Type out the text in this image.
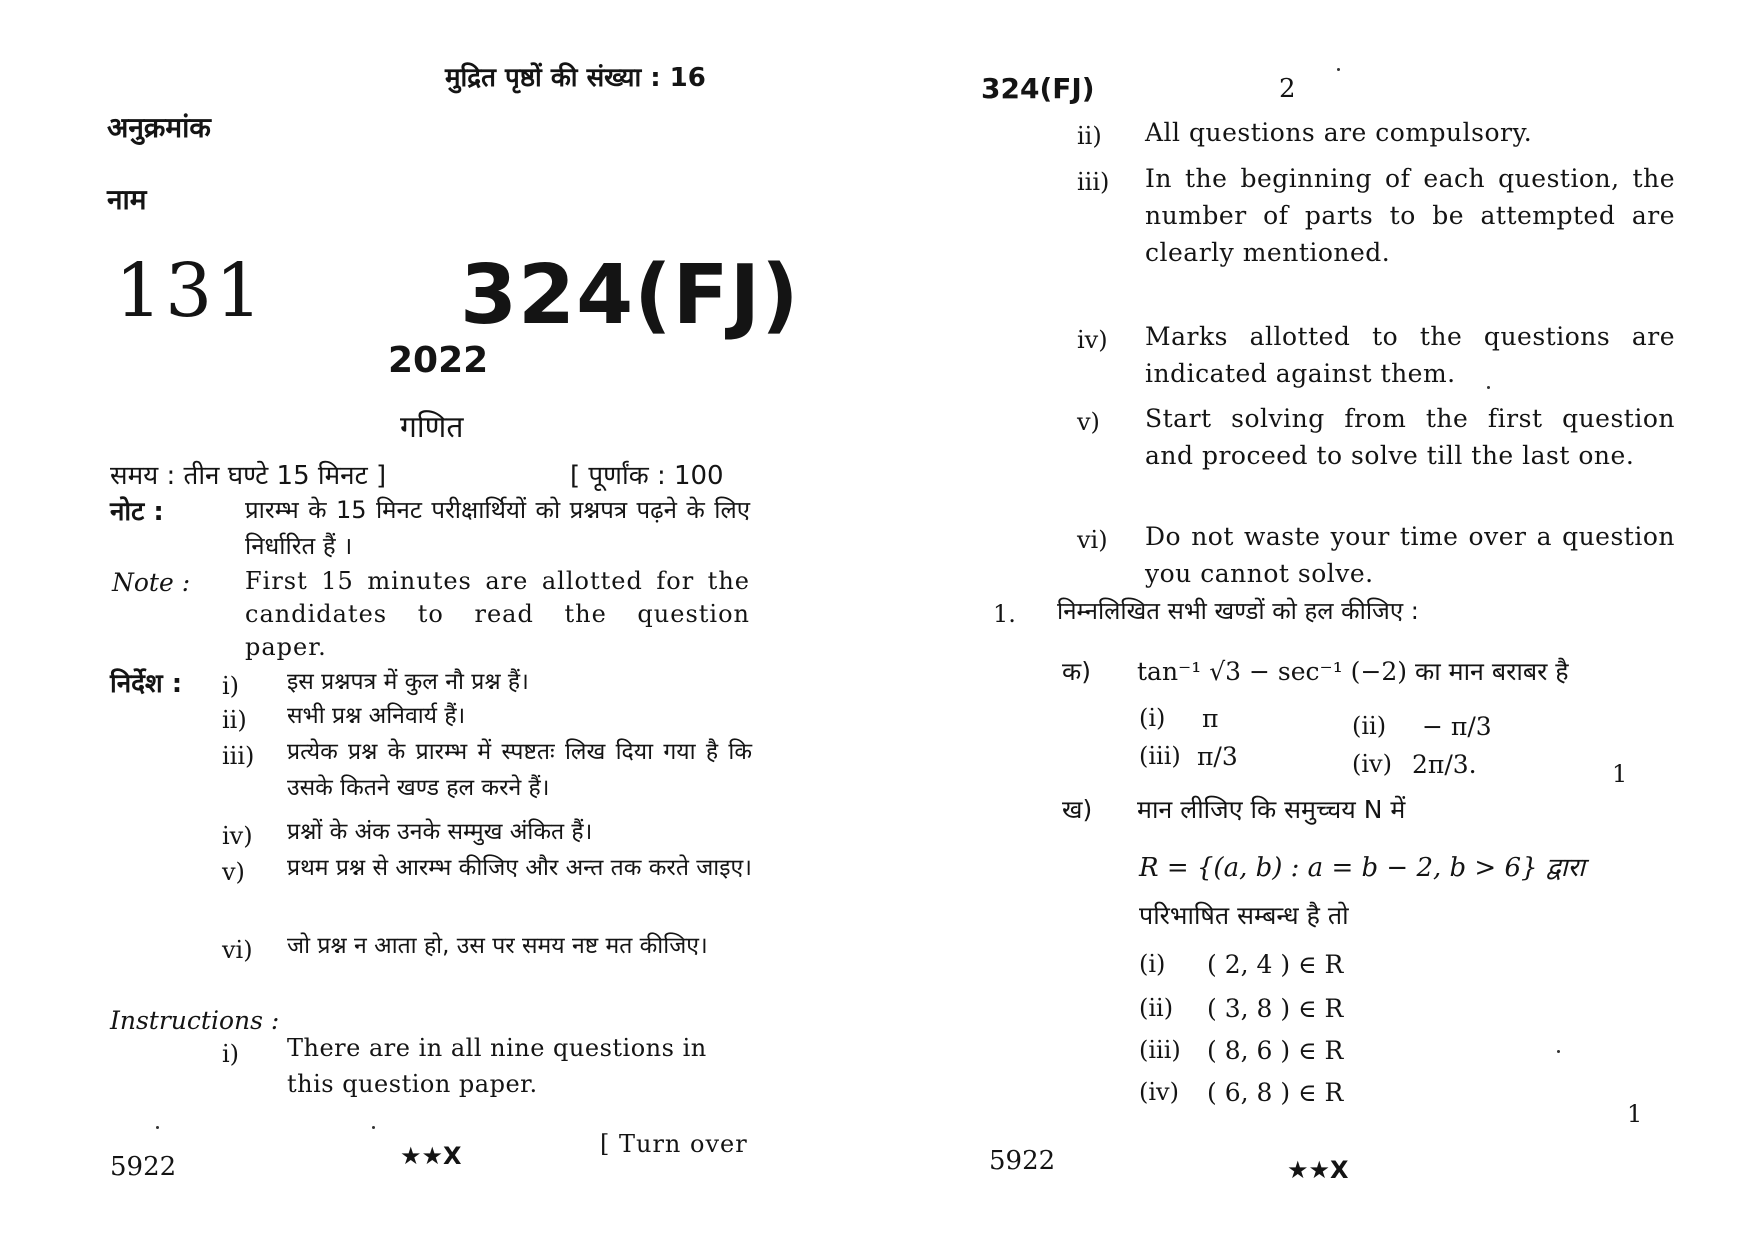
मुद्रित पृष्ठों की संख्या : 16
अनुक्रमांक
नाम
131 324(FJ)
2022
गणित
समय : तीन घण्टे 15 मिनट ]	[ पूर्णांक : 100
नोट :	प्रारम्भ के 15 मिनट परीक्षार्थियों को प्रश्नपत्र पढ़ने के लिए निर्धारित हैं ।
Note : First 15 minutes are allotted for the candidates to read the question paper.
निर्देश : i) इस प्रश्नपत्र में कुल नौ प्रश्न हैं।
ii) सभी प्रश्न अनिवार्य हैं।
iii) प्रत्येक प्रश्न के प्रारम्भ में स्पष्टतः लिख दिया गया है कि उसके कितने खण्ड हल करने हैं।
iv) प्रश्नों के अंक उनके सम्मुख अंकित हैं।
v) प्रथम प्रश्न से आरम्भ कीजिए और अन्त तक करते जाइए।
vi) जो प्रश्न न आता हो, उस पर समय नष्ट मत कीजिए।
Instructions :
i) There are in all nine questions in this question paper.
5922	★★X	[ Turn over
324(FJ)	2
ii) All questions are compulsory.
iii) In the beginning of each question, the number of parts to be attempted are clearly mentioned.
iv) Marks allotted to the questions are indicated against them.
v) Start solving from the first question and proceed to solve till the last one.
vi) Do not waste your time over a question you cannot solve.
1. निम्नलिखित सभी खण्डों को हल कीजिए :
क) tan⁻¹ √3 − sec⁻¹ (−2) का मान बराबर है
(i) π	(ii) − π/3
(iii) π/3	(iv) 2π/3.	1
ख) मान लीजिए कि समुच्चय N में
R = {(a, b) : a = b − 2, b > 6} द्वारा
परिभाषित सम्बन्ध है तो
(i) ( 2, 4 ) ∈ R
(ii) ( 3, 8 ) ∈ R
(iii) ( 8, 6 ) ∈ R
(iv) ( 6, 8 ) ∈ R
1
5922	★★X
